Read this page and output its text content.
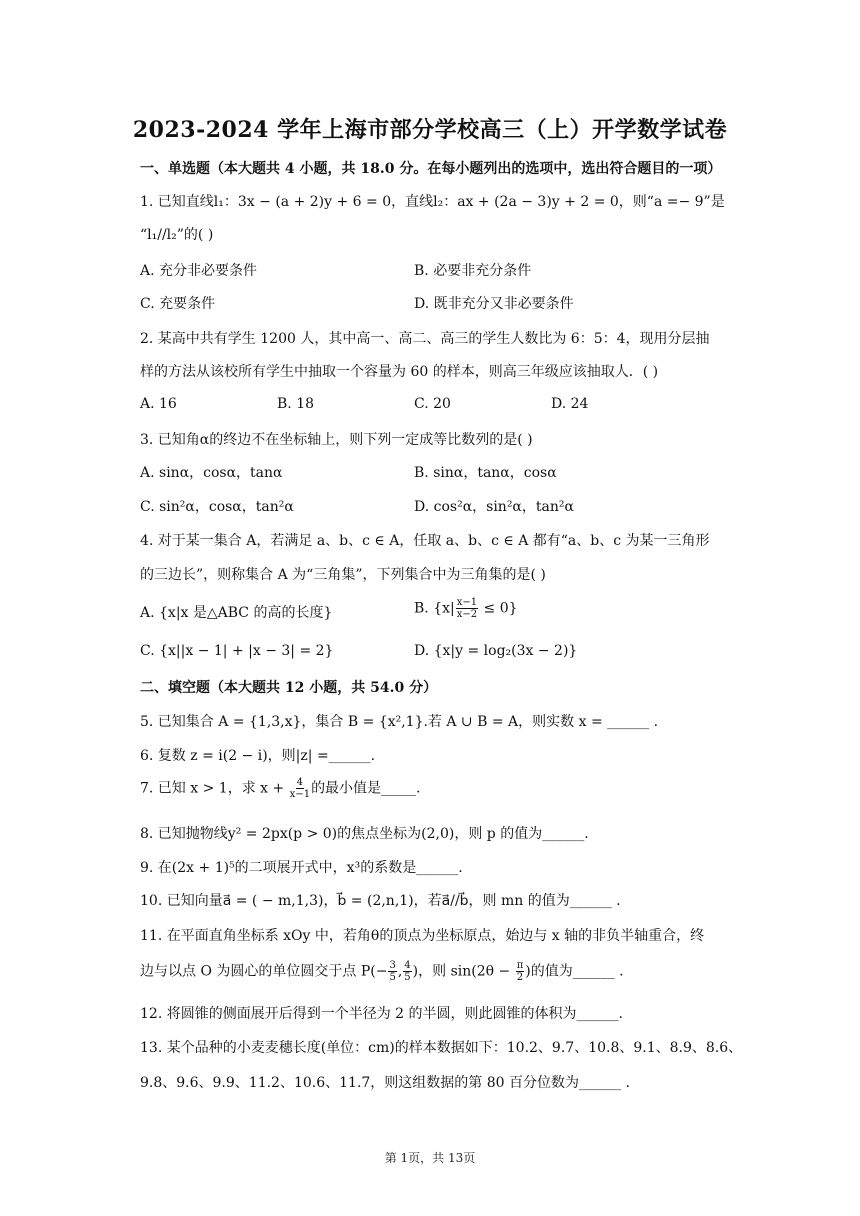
2023-2024 学年上海市部分学校高三（上）开学数学试卷
一、单选题（本大题共 4 小题，共 18.0 分。在每小题列出的选项中，选出符合题目的一项）
1. 已知直线l₁：3x − (a + 2)y + 6 = 0，直线l₂：ax + (2a − 3)y + 2 = 0，则“a =− 9”是
“l₁//l₂”的( )
A. 充分非必要条件	B. 必要非充分条件
C. 充要条件	D. 既非充分又非必要条件
2. 某高中共有学生 1200 人，其中高一、高二、高三的学生人数比为 6：5：4，现用分层抽
样的方法从该校所有学生中抽取一个容量为 60 的样本，则高三年级应该抽取人．( )
A. 16	B. 18	C. 20	D. 24
3. 已知角α的终边不在坐标轴上，则下列一定成等比数列的是( )
A. sinα，cosα，tanα	B. sinα，tanα，cosα
C. sin²α，cosα，tan²α	D. cos²α，sin²α，tan²α
4. 对于某一集合 A，若满足 a、b、c ∈ A，任取 a、b、c ∈ A 都有“a、b、c 为某一三角形
的三边长”，则称集合 A 为“三角集”，下列集合中为三角集的是( )
A. {x|x 是△ABC 的高的长度}	B. $\{x| \frac{x-1}{x-2} \le 0\}$
C. {x||x − 1| + |x − 3| = 2}	D. {x|y = log₂(3x − 2)}
二、填空题（本大题共 12 小题，共 54.0 分）
5. 已知集合 A = {1,3,x}，集合 B = {x²,1}.若 A ∪ B = A，则实数 x = ______ .
6. 复数 z = i(2 − i)，则|z| =______.
7. 已知 x > 1，求 $x + \frac{4}{x-1}$ 的最小值是_____.
8. 已知抛物线y² = 2px(p > 0)的焦点坐标为(2,0)，则 p 的值为______.
9. 在(2x + 1)⁵的二项展开式中，x³的系数是______.
10. 已知向量a⃗ = ( − m,1,3)，b⃗ = (2,n,1)，若a⃗//b⃗，则 mn 的值为______ .
11. 在平面直角坐标系 xOy 中，若角θ的顶点为坐标原点，始边与 x 轴的非负半轴重合，终
边与以点 O 为圆心的单位圆交于点 $P(- \frac{3}{5}$ , $\frac{4}{5}$ )，则 $\sin(2\theta - \frac{\pi}{2}$ )的值为______ .
12. 将圆锥的侧面展开后得到一个半径为 2 的半圆，则此圆锥的体积为______.
13. 某个品种的小麦麦穗长度(单位：cm)的样本数据如下：10.2、9.7、10.8、9.1、8.9、8.6、
9.8、9.6、9.9、11.2、10.6、11.7，则这组数据的第 80 百分位数为______ .
第 1页，共 13页
